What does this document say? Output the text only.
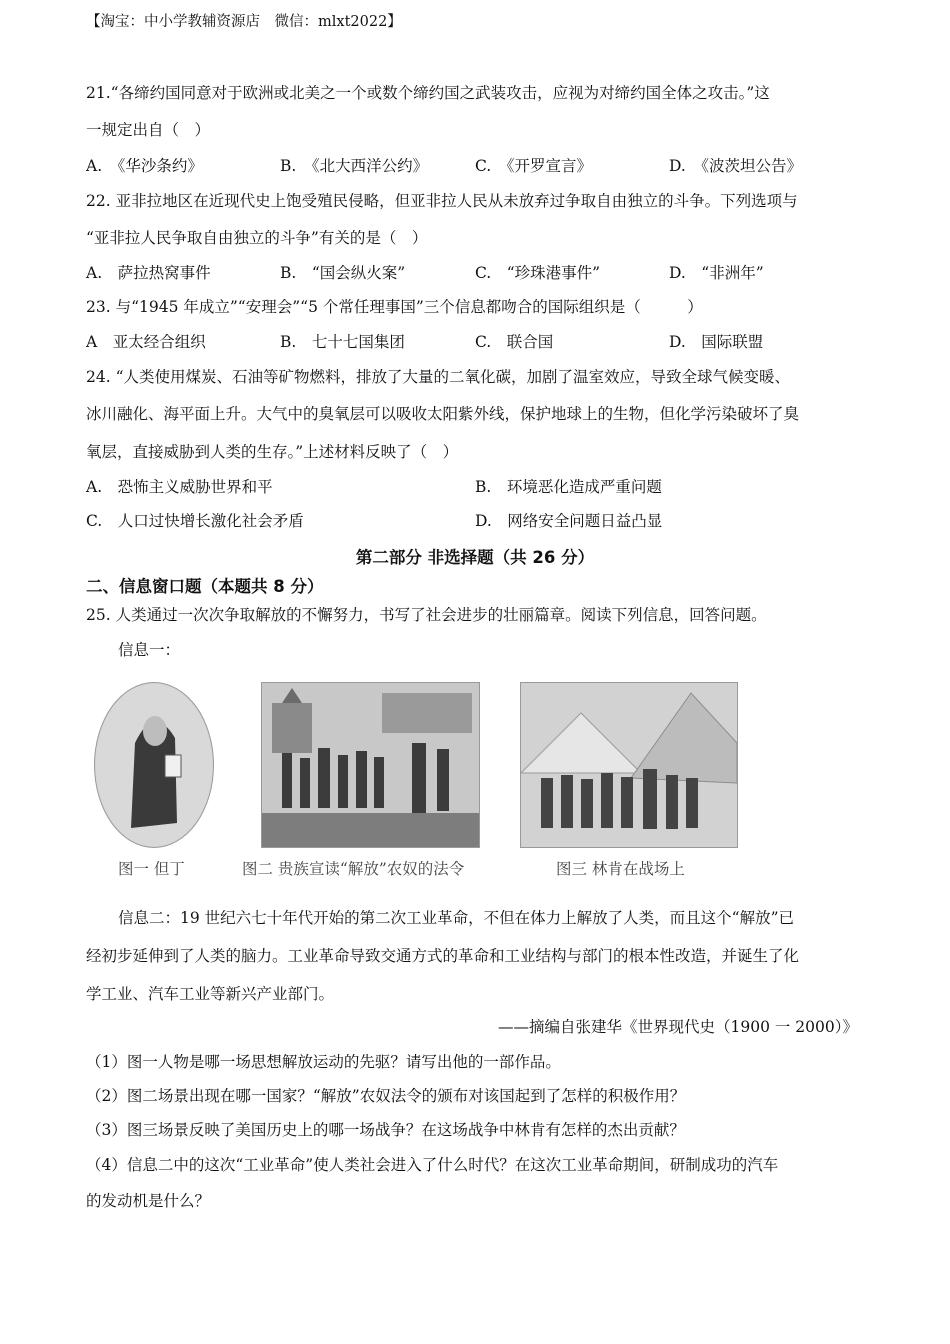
【淘宝：中小学教辅资源店　微信：mlxt2022】
21.“各缔约国同意对于欧洲或北美之一个或数个缔约国之武装攻击，应视为对缔约国全体之攻击。”这
一规定出自（　）
A.　《华沙条约》	B.　《北大西洋公约》	C.　《开罗宣言》	D.　《波茨坦公告》
22. 亚非拉地区在近现代史上饱受殖民侵略，但亚非拉人民从未放弃过争取自由独立的斗争。下列选项与
“亚非拉人民争取自由独立的斗争”有关的是（　）
A.　萨拉热窝事件	B.　“国会纵火案”	C.　“珍珠港事件”	D.　“非洲年”
23. 与“1945 年成立”“安理会”“5 个常任理事国”三个信息都吻合的国际组织是（　　　）
A　亚太经合组织	B.　七十七国集团	C.　联合国	D.　国际联盟
24. “人类使用煤炭、石油等矿物燃料，排放了大量的二氧化碳，加剧了温室效应，导致全球气候变暖、
冰川融化、海平面上升。大气中的臭氧层可以吸收太阳紫外线，保护地球上的生物，但化学污染破坏了臭
氧层，直接威胁到人类的生存。”上述材料反映了（　）
A.　恐怖主义威胁世界和平	B.　环境恶化造成严重问题
C.　人口过快增长激化社会矛盾	D.　网络安全问题日益凸显
第二部分 非选择题（共 26 分）
二、信息窗口题（本题共 8 分）
25. 人类通过一次次争取解放的不懈努力，书写了社会进步的壮丽篇章。阅读下列信息，回答问题。
信息一：
图一 但丁	图二 贵族宣读“解放”农奴的法令	图三 林肯在战场上
信息二：19 世纪六七十年代开始的第二次工业革命，不但在体力上解放了人类，而且这个“解放”已
经初步延伸到了人类的脑力。工业革命导致交通方式的革命和工业结构与部门的根本性改造，并诞生了化
学工业、汽车工业等新兴产业部门。
——摘编自张建华《世界现代史（1900 一 2000）》
（1）图一人物是哪一场思想解放运动的先驱？请写出他的一部作品。
（2）图二场景出现在哪一国家？“解放”农奴法令的颁布对该国起到了怎样的积极作用？
（3）图三场景反映了美国历史上的哪一场战争？在这场战争中林肯有怎样的杰出贡献？
（4）信息二中的这次“工业革命”使人类社会进入了什么时代？在这次工业革命期间，研制成功的汽车
的发动机是什么？
